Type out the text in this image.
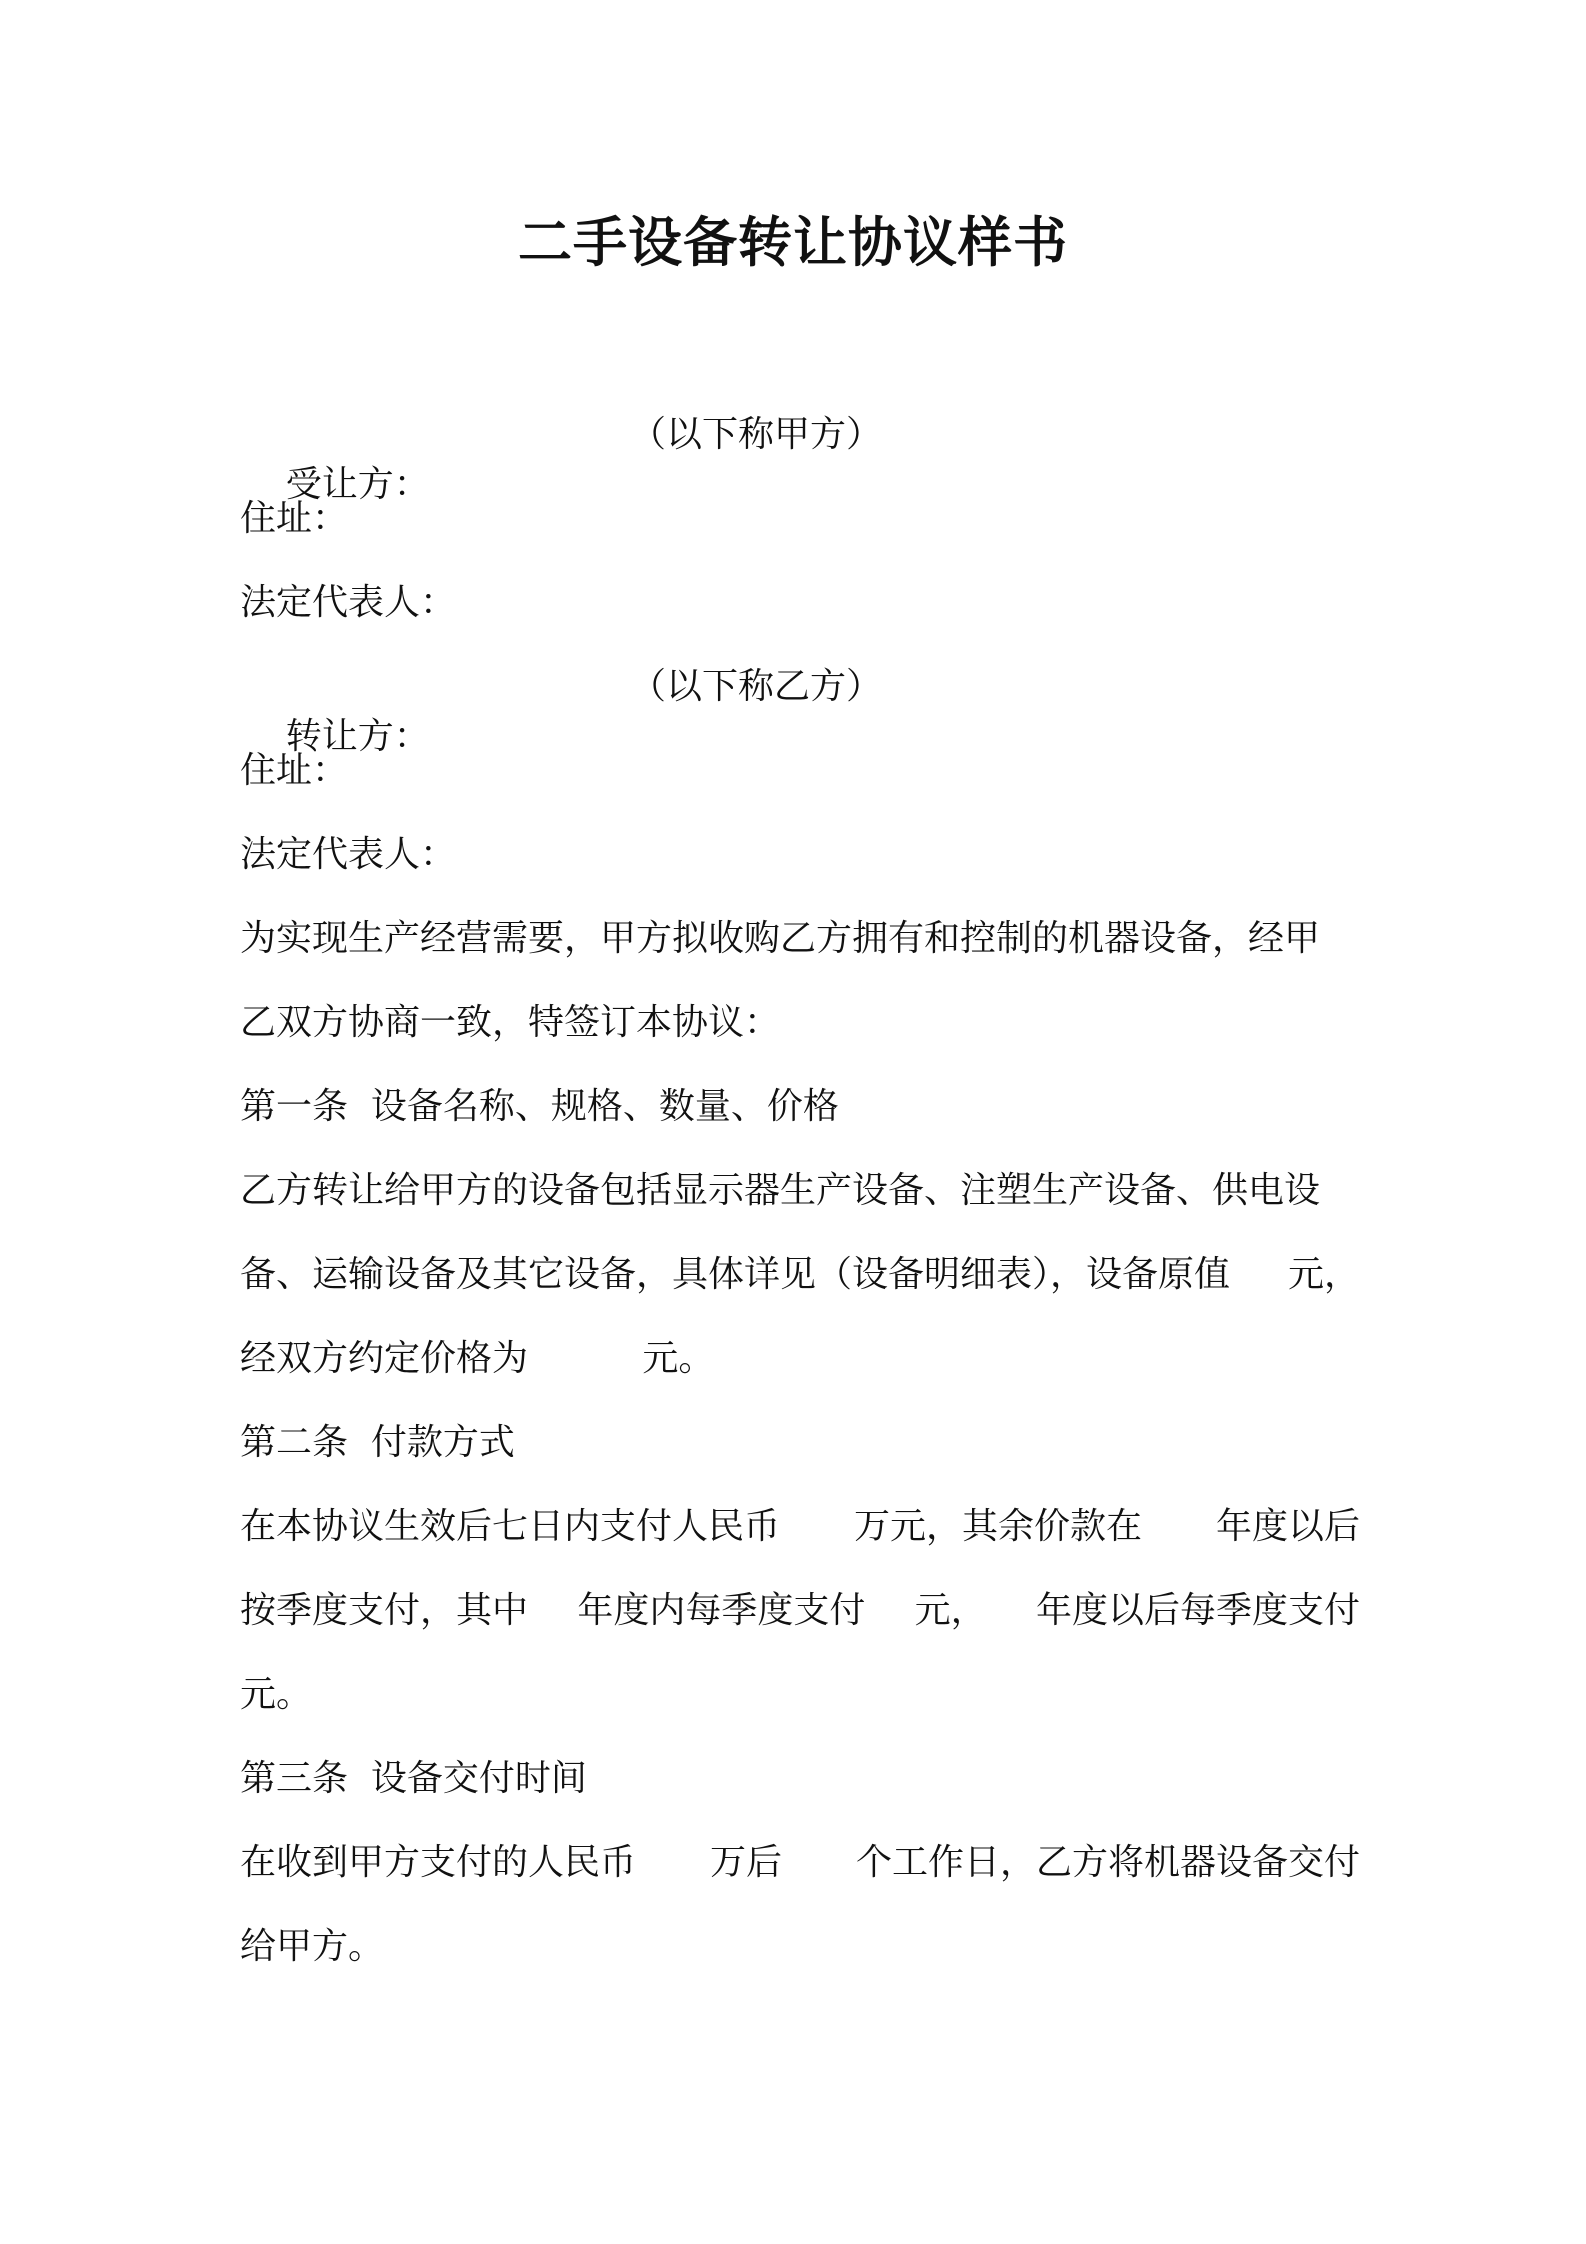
二手设备转让协议样书

受让方：

（以下称甲方）

住址：
法定代表人：

转让方：

（以下称乙方）

住址：
法定代表人：
为实现生产经营需要，甲方拟收购乙方拥有和控制的机器设备，经甲
乙双方协商一致，特签订本协议：
第一条  设备名称、规格、数量、价格
乙方转让给甲方的设备包括显示器生产设备、注塑生产设备、供电设
备、运输设备及其它设备，具体详见（设备明细表），设备原值 元，
经双方约定价格为          元。
第二条  付款方式
在本协议生效后七日内支付人民币 万元，其余价款在 年度以后
按季度支付，其中 年度内每季度支付 元， 年度以后每季度支付
元。
第三条  设备交付时间
在收到甲方支付的人民币 万后 个工作日，乙方将机器设备交付
给甲方。
